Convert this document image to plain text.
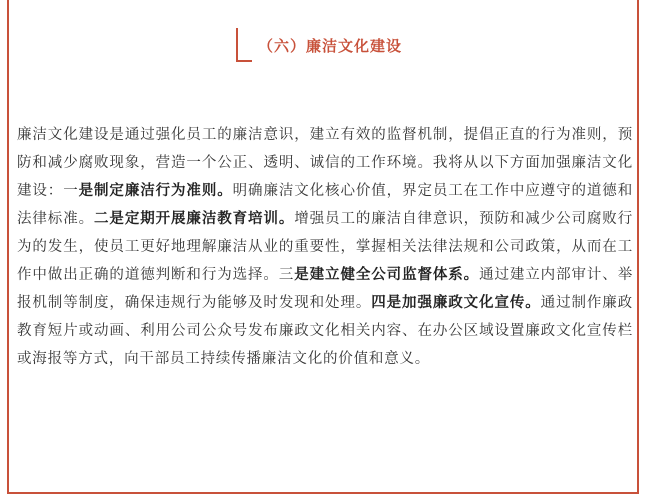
（六）廉洁文化建设

廉洁文化建设是通过强化员工的廉洁意识，建立有效的监督机制，提倡正直的行为准则，预防和减少腐败现象，营造一个公正、透明、诚信的工作环境。我将从以下方面加强廉洁文化建设：一是制定廉洁行为准则。明确廉洁文化核心价值，界定员工在工作中应遵守的道德和法律标准。二是定期开展廉洁教育培训。增强员工的廉洁自律意识，预防和减少公司腐败行为的发生，使员工更好地理解廉洁从业的重要性，掌握相关法律法规和公司政策，从而在工作中做出正确的道德判断和行为选择。三是建立健全公司监督体系。通过建立内部审计、举报机制等制度，确保违规行为能够及时发现和处理。四是加强廉政文化宣传。通过制作廉政教育短片或动画、利用公司公众号发布廉政文化相关内容、在办公区域设置廉政文化宣传栏或海报等方式，向干部员工持续传播廉洁文化的价值和意义。
